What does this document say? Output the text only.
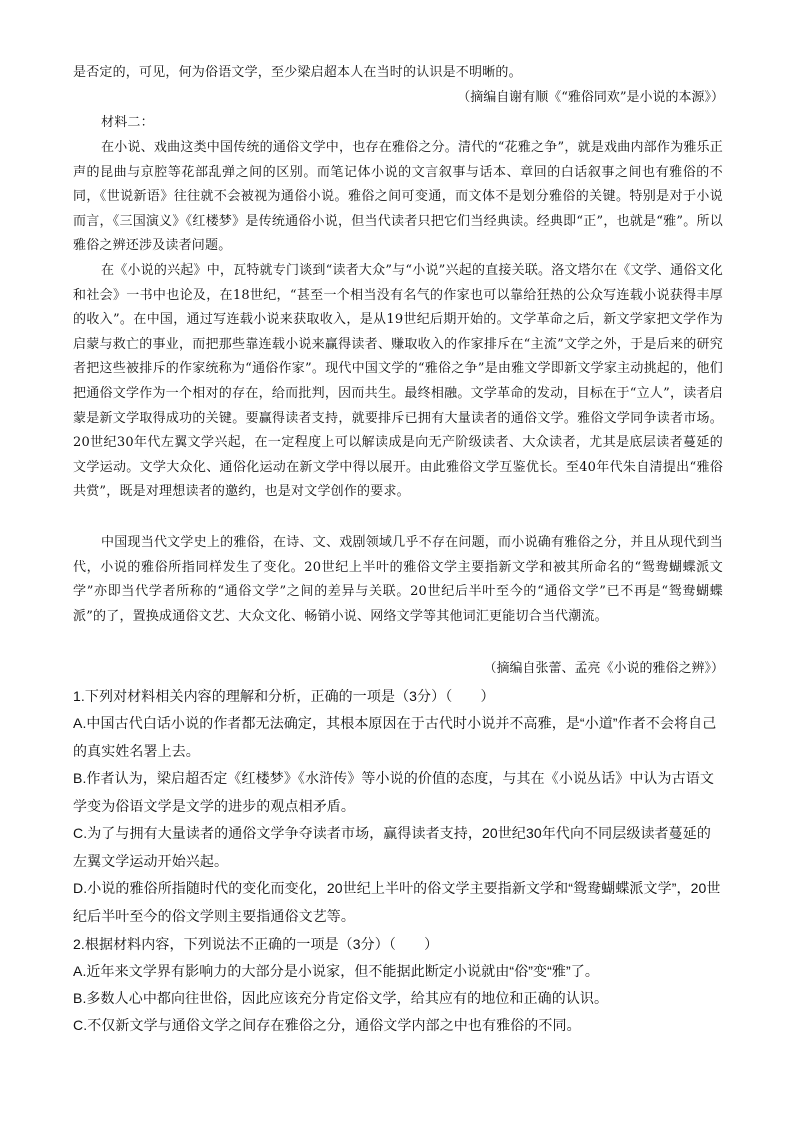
是否定的，可见，何为俗语文学，至少梁启超本人在当时的认识是不明晰的。

（摘编自谢有顺《“雅俗同欢”是小说的本源》）

材料二：

在小说、戏曲这类中国传统的通俗文学中，也存在雅俗之分。清代的“花雅之争”，就是戏曲内部作为雅乐正声的昆曲与京腔等花部乱弹之间的区别。而笔记体小说的文言叙事与话本、章回的白话叙事之间也有雅俗的不同，《世说新语》往往就不会被视为通俗小说。雅俗之间可变通，而文体不是划分雅俗的关键。特别是对于小说而言，《三国演义》《红楼梦》是传统通俗小说，但当代读者只把它们当经典读。经典即“正”，也就是“雅”。所以雅俗之辨还涉及读者问题。

在《小说的兴起》中，瓦特就专门谈到“读者大众”与“小说”兴起的直接关联。洛文塔尔在《文学、通俗文化和社会》一书中也论及，在18世纪，“甚至一个相当没有名气的作家也可以靠给狂热的公众写连载小说获得丰厚的收入”。在中国，通过写连载小说来获取收入，是从19世纪后期开始的。文学革命之后，新文学家把文学作为启蒙与救亡的事业，而把那些靠连载小说来赢得读者、赚取收入的作家排斥在“主流”文学之外，于是后来的研究者把这些被排斥的作家统称为“通俗作家”。现代中国文学的“雅俗之争”是由雅文学即新文学家主动挑起的，他们把通俗文学作为一个相对的存在，给而批判，因而共生。最终相融。文学革命的发动，目标在于“立人”，读者启蒙是新文学取得成功的关键。要赢得读者支持，就要排斥已拥有大量读者的通俗文学。雅俗文学同争读者市场。20世纪30年代左翼文学兴起，在一定程度上可以解读成是向无产阶级读者、大众读者，尤其是底层读者蔓延的文学运动。文学大众化、通俗化运动在新文学中得以展开。由此雅俗文学互鉴优长。至40年代朱自清提出“雅俗共赏”，既是对理想读者的邀约，也是对文学创作的要求。

中国现当代文学史上的雅俗，在诗、文、戏剧领域几乎不存在问题，而小说确有雅俗之分，并且从现代到当代，小说的雅俗所指同样发生了变化。20世纪上半叶的雅俗文学主要指新文学和被其所命名的“鸳鸯蝴蝶派文学”亦即当代学者所称的“通俗文学”之间的差异与关联。20世纪后半叶至今的“通俗文学”已不再是“鸳鸯蝴蝶派”的了，置换成通俗文艺、大众文化、畅销小说、网络文学等其他词汇更能切合当代潮流。

（摘编自张蕾、孟亮《小说的雅俗之辨》）

1.下列对材料相关内容的理解和分析，正确的一项是（3分）（　　）

A.中国古代白话小说的作者都无法确定，其根本原因在于古代时小说并不高雅，是“小道”作者不会将自己的真实姓名署上去。

B.作者认为，梁启超否定《红楼梦》《水浒传》等小说的价值的态度，与其在《小说丛话》中认为古语文学变为俗语文学是文学的进步的观点相矛盾。

C.为了与拥有大量读者的通俗文学争夺读者市场，赢得读者支持，20世纪30年代向不同层级读者蔓延的左翼文学运动开始兴起。

D.小说的雅俗所指随时代的变化而变化，20世纪上半叶的俗文学主要指新文学和“鸳鸯蝴蝶派文学”，20世纪后半叶至今的俗文学则主要指通俗文艺等。

2.根据材料内容，下列说法不正确的一项是（3分）（　　）

A.近年来文学界有影响力的大部分是小说家，但不能据此断定小说就由“俗”变“雅”了。

B.多数人心中都向往世俗，因此应该充分肯定俗文学，给其应有的地位和正确的认识。

C.不仅新文学与通俗文学之间存在雅俗之分，通俗文学内部之中也有雅俗的不同。
